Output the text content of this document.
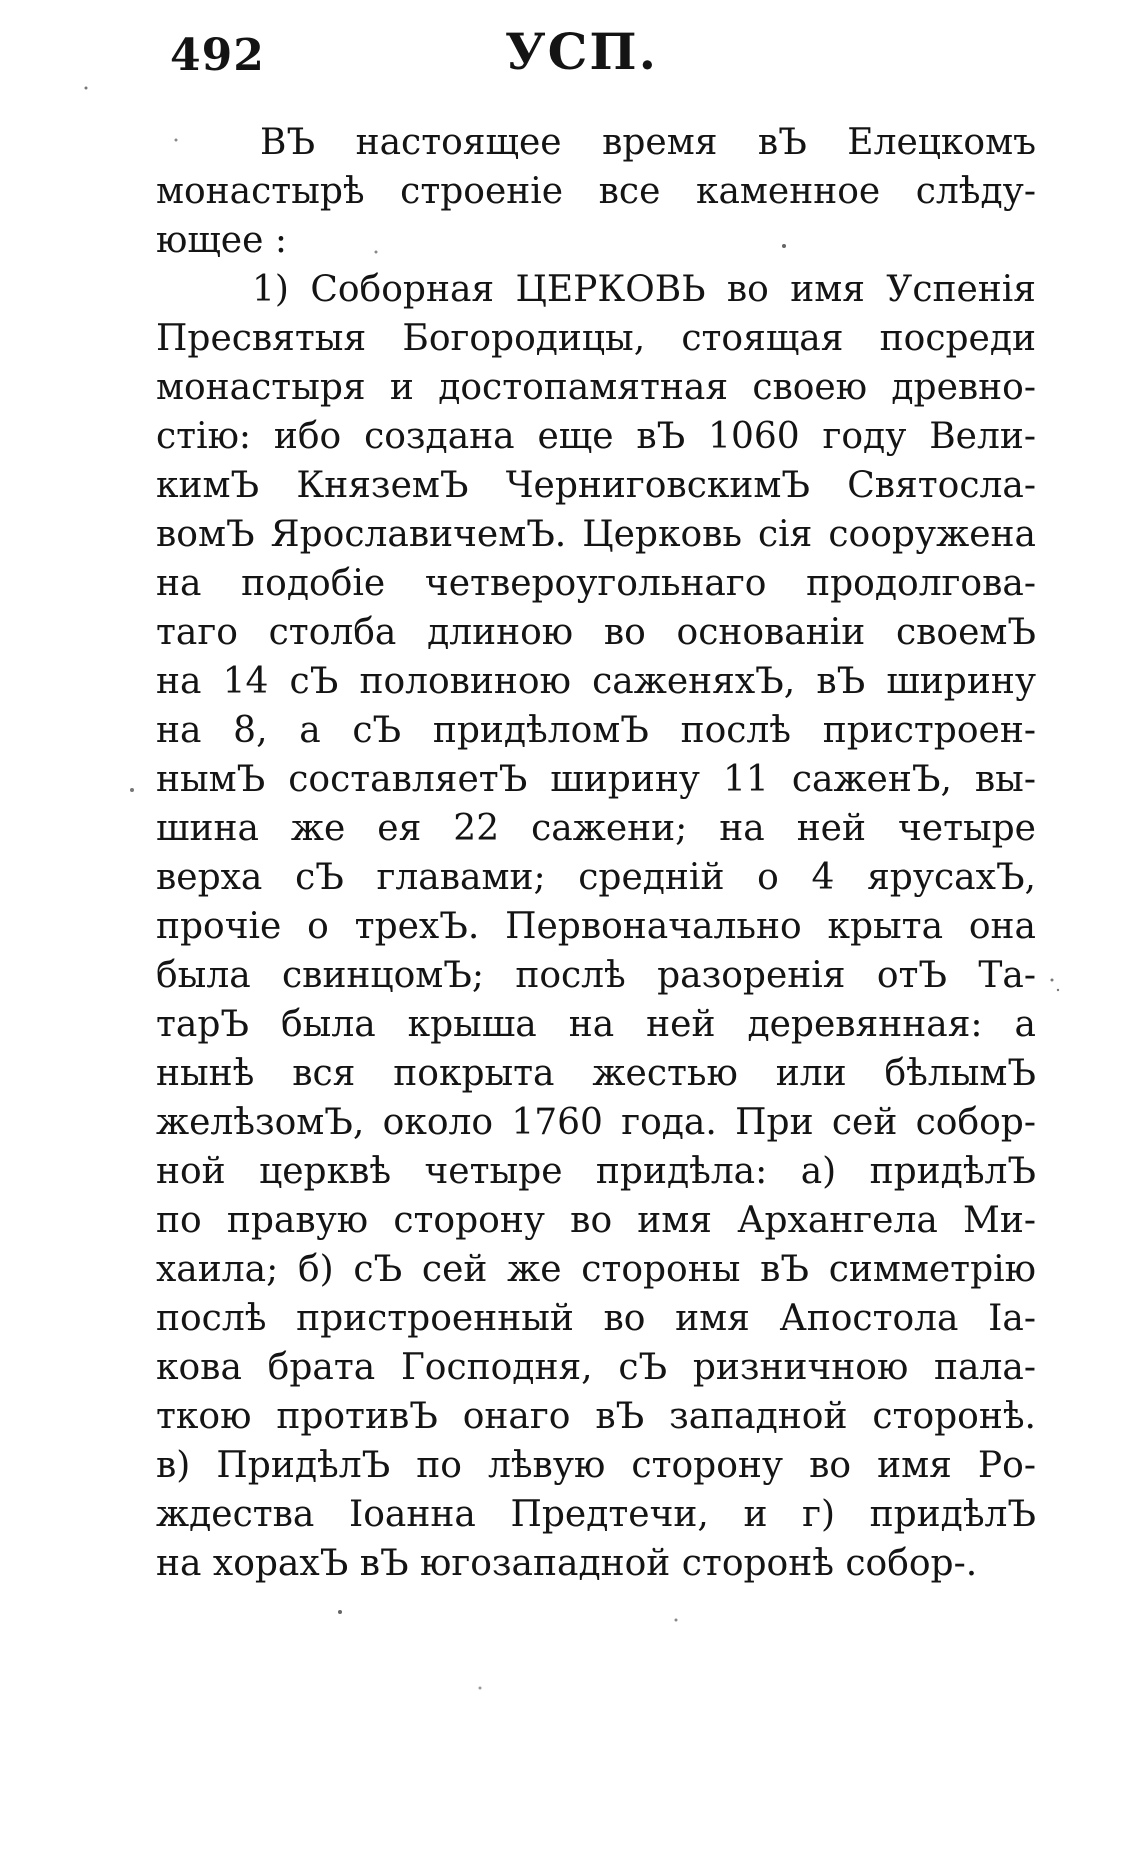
492	УСП.
ВЪ настоящее время вЪ Елецкомъ
монастырѣ строеніе все каменное слѣду-
ющее :
1) Соборная ЦЕРКОВЬ во имя Успенія
Пресвятыя Богородицы, стоящая посреди
монастыря и достопамятная своею древно-
стію: ибо создана еще вЪ 1060 году Вели-
кимЪ КняземЪ ЧерниговскимЪ Святосла-
вомЪ ЯрославичемЪ. Церковь сія сооружена
на подобіе четвероугольнаго продолгова-
таго столба длиною во основаніи своемЪ
на 14 сЪ половиною саженяхЪ, вЪ ширину
на 8, а сЪ придѣломЪ послѣ пристроен-
нымЪ составляетЪ ширину 11 саженЪ, вы-
шина же ея 22 сажени; на ней четыре
верха сЪ главами; средній о 4 ярусахЪ,
прочіе о трехЪ. Первоначально крыта она
была свинцомЪ; послѣ разоренія отЪ Та-
тарЪ была крыша на ней деревянная: а
нынѣ вся покрыта жестью или бѣлымЪ
желѣзомЪ, около 1760 года. При сей собор-
ной церквѣ четыре придѣла: а) придѣлЪ
по правую сторону во имя Архангела Ми-
хаила; б) сЪ сей же стороны вЪ симметрію
послѣ пристроенный во имя Апостола Іа-
кова брата Господня, сЪ ризничною пала-
ткою противЪ онаго вЪ западной сторонѣ.
в) ПридѣлЪ по лѣвую сторону во имя Ро-
ждества Іоанна Предтечи, и г) придѣлЪ
на хорахЪ вЪ югозападной сторонѣ собор-.
